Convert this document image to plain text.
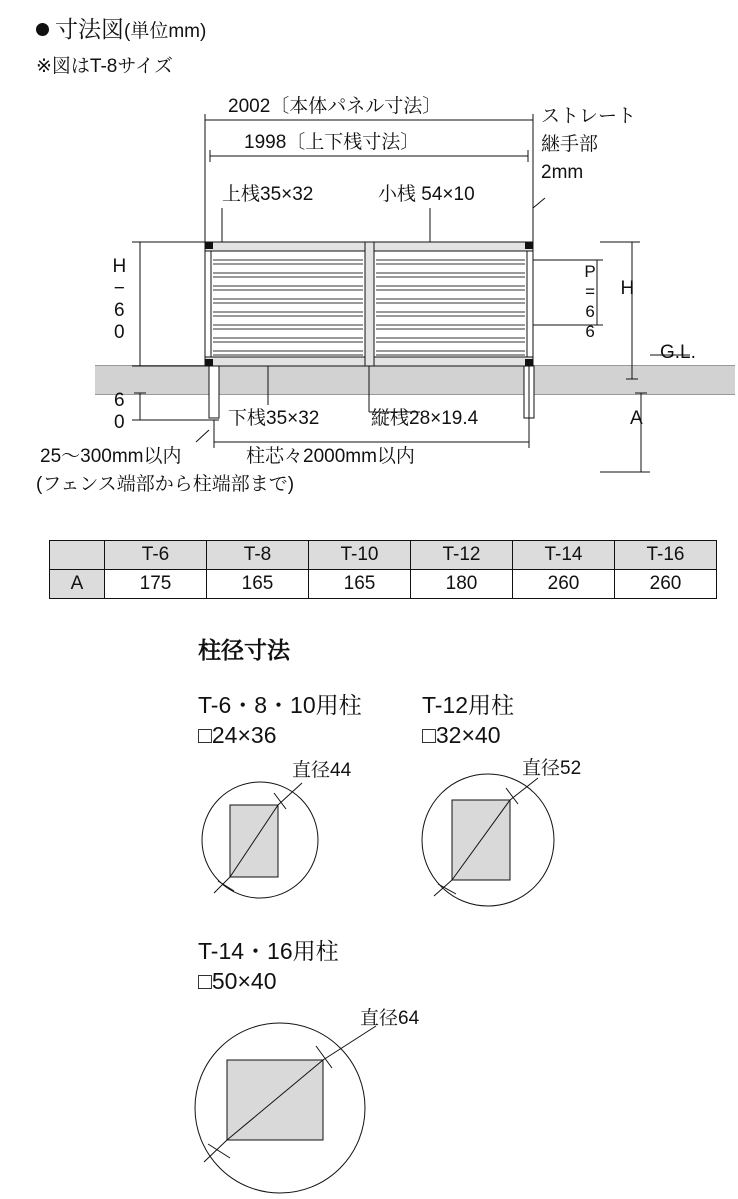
寸法図(単位mm)
※図はT-8サイズ
2002〔本体パネル寸法〕
1998〔上下桟寸法〕
上桟35×32	小桟 54×10
ストレート
継手部
2mm
H−60	P=66 H
A
60
G.L.
下桟35×32	縦桟28×19.4
柱芯々2000mm以内
25〜300mm以内
(フェンス端部から柱端部まで)
	T-6	T-8	T-10	T-12	T-14	T-16
A	175	165	165	180	260	260
柱径寸法
T-6・8・10用柱
□24×36
直径44
T-12用柱
□32×40
直径52
T-14・16用柱
□50×40
直径64
